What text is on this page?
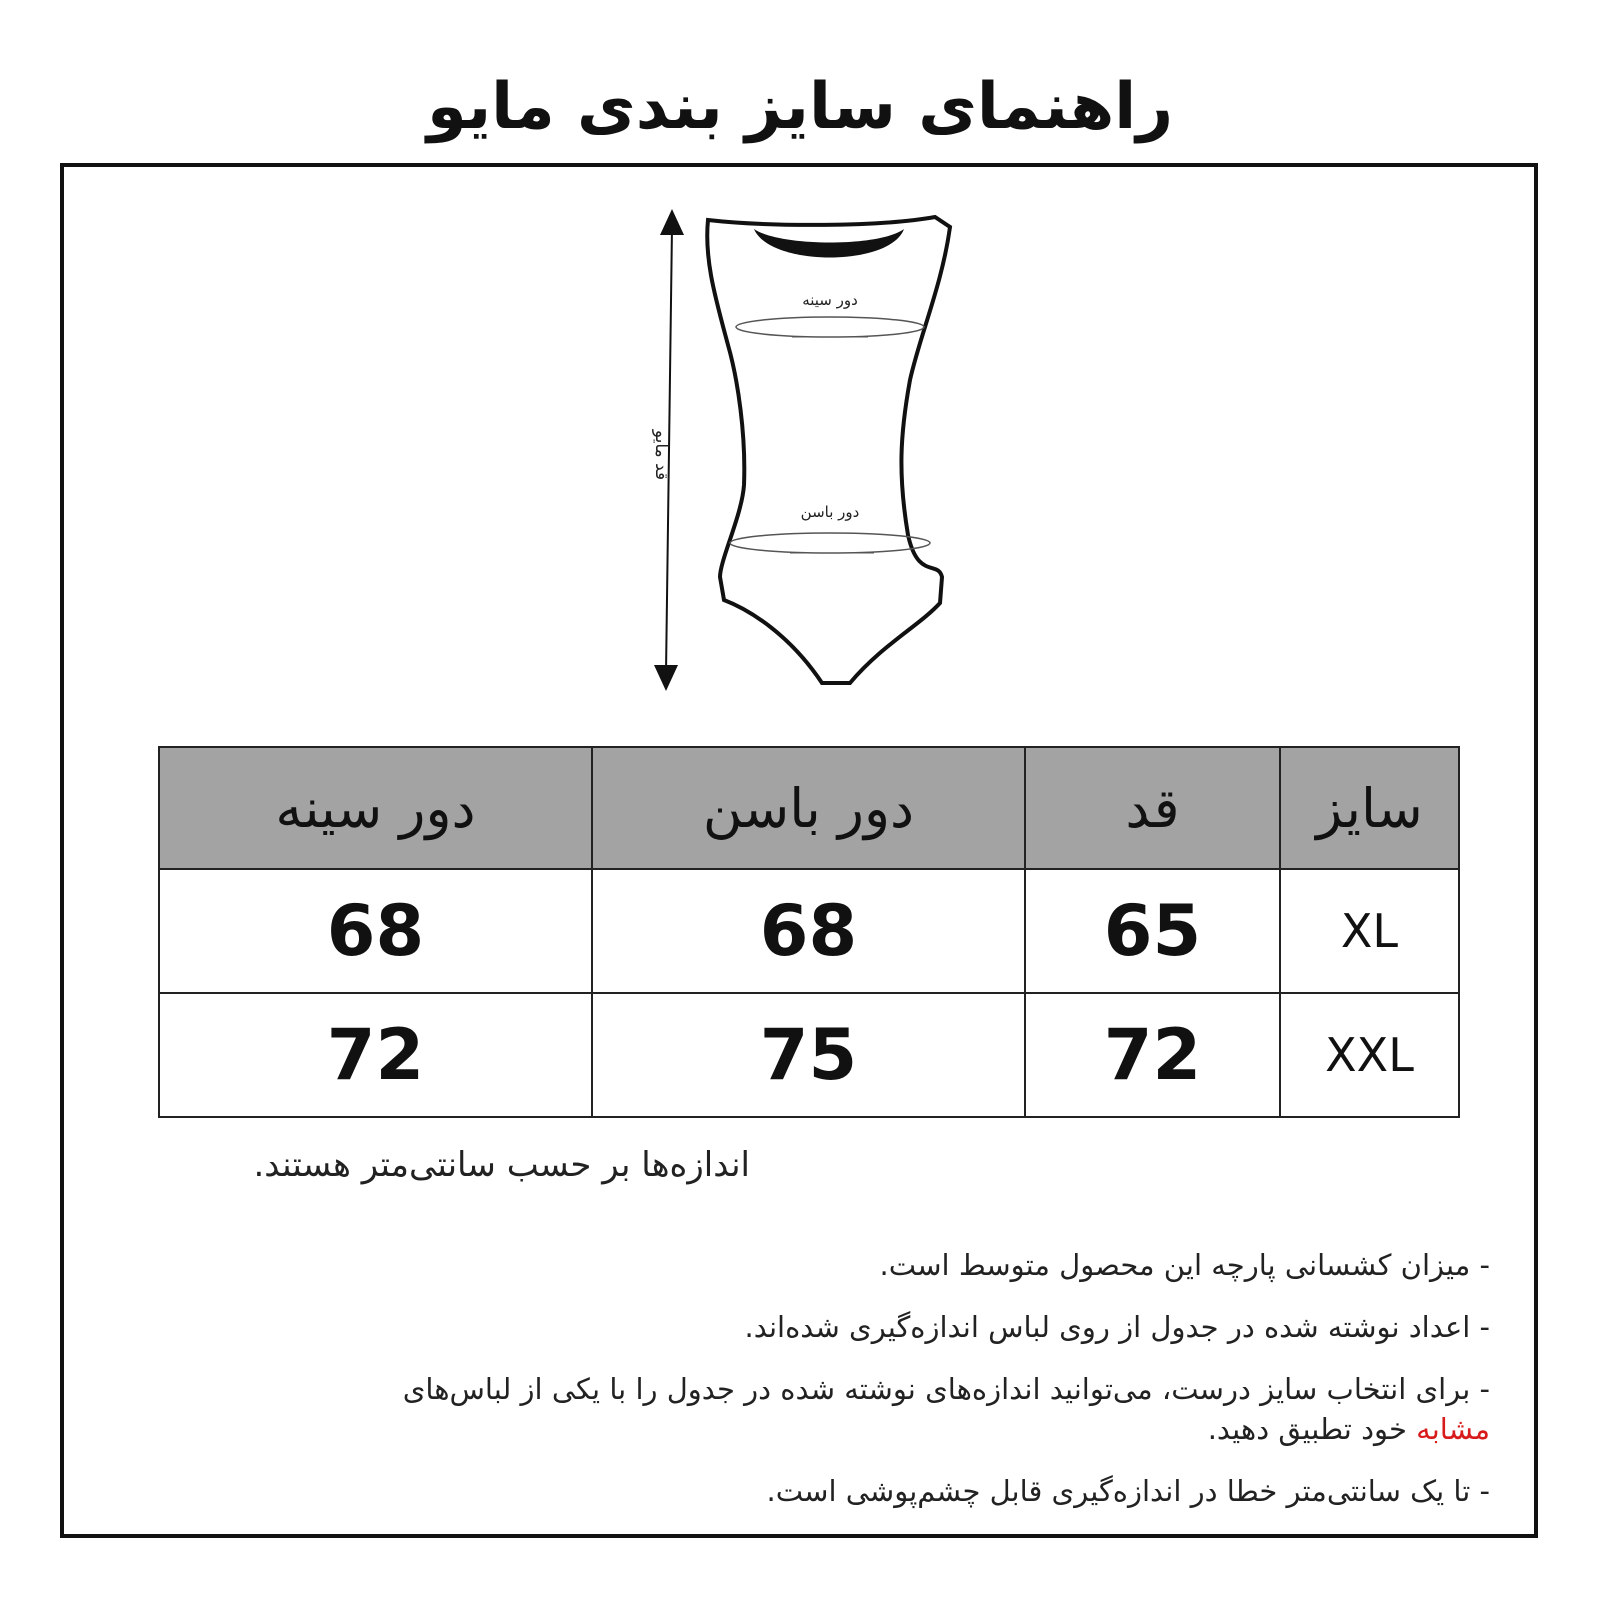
راهنمای سایز بندی مایو
قد مایو
دور سینه
دور باسن
دور سینه	دور باسن	قد	سایز
68	68	65	XL
72	75	72	XXL
اندازه‌ها بر حسب سانتی‌متر هستند.
- میزان کشسانی پارچه این محصول متوسط است.
- اعداد نوشته شده در جدول از روی لباس اندازه‌گیری شده‌اند.
- برای انتخاب سایز درست، می‌توانید اندازه‌های نوشته شده در جدول را با یکی از لباس‌های
مشابه خود تطبیق دهید.
- تا یک سانتی‌متر خطا در اندازه‌گیری قابل چشم‌پوشی است.
